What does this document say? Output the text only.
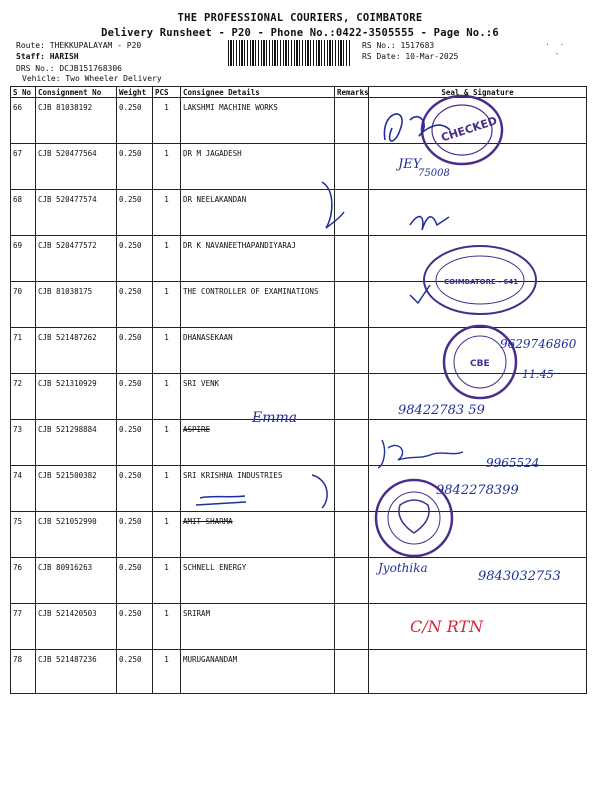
THE PROFESSIONAL COURIERS, COIMBATORE
Delivery Runsheet - P20 - Phone No.:0422-3505555 - Page No.:6
Route: THEKKUPALAYAM - P20
Staff: HARISH
DRS No.: DCJB151768306
Vehicle: Two Wheeler Delivery
RS No.: 1517683
RS Date: 10-Mar-2025
·  ·
-
S No	Consignment No	Weight	PCS	Consignee Details	Remarks	Seal & Signature
66	CJB 81038192	0.250	1	LAKSHMI MACHINE WORKS		
67	CJB 520477564	0.250	1	DR M JAGADESH		
68	CJB 520477574	0.250	1	DR NEELAKANDAN		
69	CJB 520477572	0.250	1	DR K NAVANEETHAPANDIYARAJ		
70	CJB 81038175	0.250	1	THE CONTROLLER OF EXAMINATIONS		
71	CJB 521487262	0.250	1	DHANASEKAAN		
72	CJB 521310929	0.250	1	SRI VENK		
73	CJB 521298884	0.250	1	ASPIRE		
74	CJB 521500382	0.250	1	SRI KRISHNA INDUSTRIES		
75	CJB 521052990	0.250	1	AMIT SHARMA		
76	CJB 80916263	0.250	1	SCHNELL ENERGY		
77	CJB 521420503	0.250	1	SRIRAM		
78	CJB 521487236	0.250	1	MURUGANANDAM		
CHECKED
JEY
75008
COIMBATORE - 641
CBE
9629746860
11:45
Emma	98422783 59
9965524
9842278399
Jyothika
9843032753
C/N RTN
